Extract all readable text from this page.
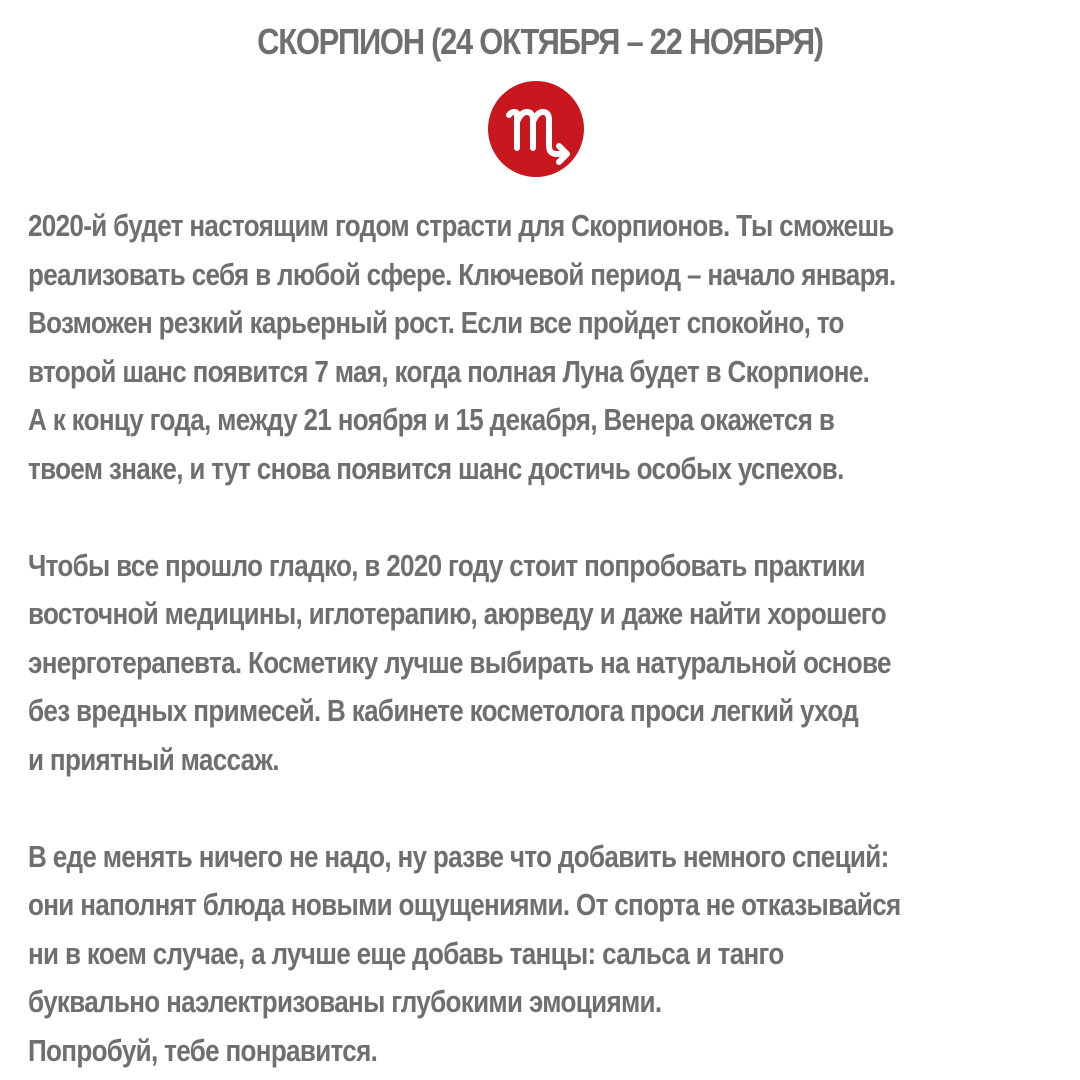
СКОРПИОН (24 ОКТЯБРЯ – 22 НОЯБРЯ)
2020-й будет настоящим годом страсти для Скорпионов. Ты сможешь
реализовать себя в любой сфере. Ключевой период – начало января.
Возможен резкий карьерный рост. Если все пройдет спокойно, то
второй шанс появится 7 мая, когда полная Луна будет в Скорпионе.
А к концу года, между 21 ноября и 15 декабря, Венера окажется в
твоем знаке, и тут снова появится шанс достичь особых успехов.
Чтобы все прошло гладко, в 2020 году стоит попробовать практики
восточной медицины, иглотерапию, аюрведу и даже найти хорошего
энерготерапевта. Косметику лучше выбирать на натуральной основе
без вредных примесей. В кабинете косметолога проси легкий уход
и приятный массаж.
В еде менять ничего не надо, ну разве что добавить немного специй:
они наполнят блюда новыми ощущениями. От спорта не отказывайся
ни в коем случае, а лучше еще добавь танцы: сальса и танго
буквально наэлектризованы глубокими эмоциями.
Попробуй, тебе понравится.
